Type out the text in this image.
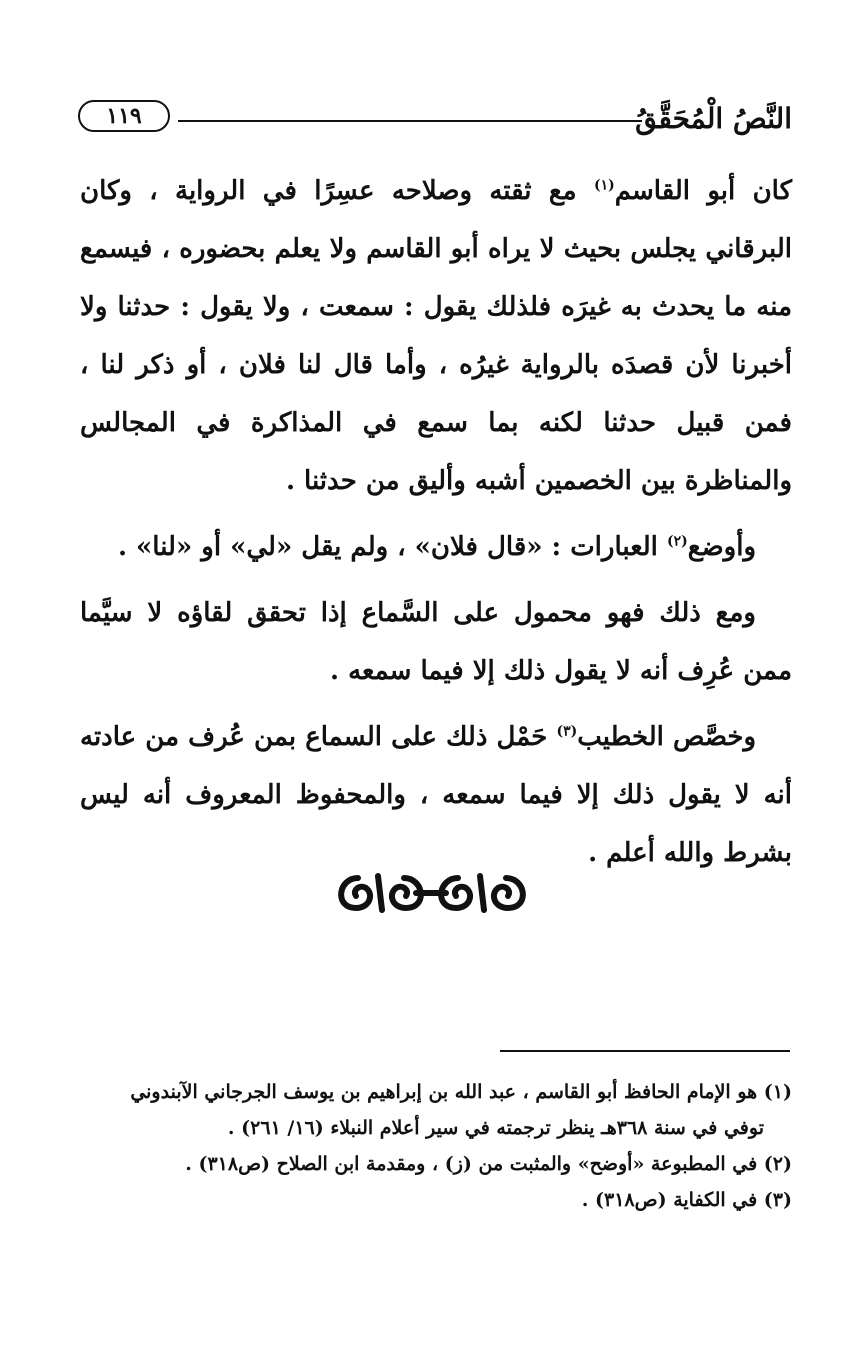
النَّصُ الْمُحَقَّقُ
١١٩

كان أبو القاسم$^{(١)}$ مع ثقته وصلاحه عسِرًا في الرواية ، وكان البرقاني يجلس بحيث لا يراه أبو القاسم ولا يعلم بحضوره ، فيسمع منه ما يحدث به غيرَه فلذلك يقول : سمعت ، ولا يقول : حدثنا ولا أخبرنا لأن قصدَه بالرواية غيرُه ، وأما قال لنا فلان ، أو ذكر لنا ، فمن قبيل حدثنا لكنه بما سمع في المذاكرة في المجالس والمناظرة بين الخصمين أشبه وأليق من حدثنا .

وأوضع$^{(٢)}$ العبارات : «قال فلان» ، ولم يقل «لي» أو «لنا» .

ومع ذلك فهو محمول على السَّماع إذا تحقق لقاؤه لا سيَّما ممن عُرِف أنه لا يقول ذلك إلا فيما سمعه .

وخصَّص الخطيب$^{(٣)}$ حَمْل ذلك على السماع بمن عُرف من عادته أنه لا يقول ذلك إلا فيما سمعه ، والمحفوظ المعروف أنه ليس بشرط والله أعلم .

(١) هو الإمام الحافظ أبو القاسم ، عبد الله بن إبراهيم بن يوسف الجرجاني الآبندوني
توفي في سنة ٣٦٨هـ ينظر ترجمته في سير أعلام النبلاء (١٦/ ٢٦١) .

(٢) في المطبوعة «أوضح» والمثبت من (ز) ، ومقدمة ابن الصلاح (ص٣١٨) .

(٣) في الكفاية (ص٣١٨) .
